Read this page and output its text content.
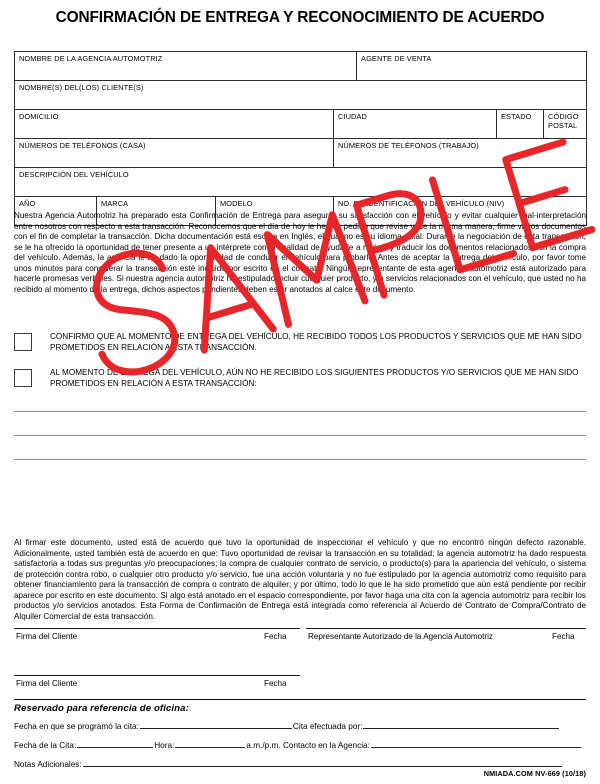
CONFIRMACIÓN DE ENTREGA Y RECONOCIMIENTO DE ACUERDO
NOMBRE DE LA AGENCIA AUTOMOTRIZ				AGENTE DE VENTA		
NOMBRE(S) DEL(LOS) CLIENTE(S)						
DOMICILIO			CIUDAD		ESTADO	CÓDIGO POSTAL
NÚMEROS DE TELÉFONOS (CASA)			NÚMEROS DE TELÉFONOS (TRABAJO)			
DESCRIPCIÓN DEL VEHÍCULO						
AÑO	MARCA	MODELO	NO. DE IDENTIFICACIÓN DEL VEHÍCULO (NIV)			
Nuestra Agencia Automotriz ha preparado esta Confirmación de Entrega para asegurar su satisfacción con el vehículo y evitar cualquier mal-interpretación entre nosotros con respecto a esta transacción. Reconocemos que el día de hoy le hemos pedido que revise y, de la misma manera, firme varios documentos con el fin de completar la transacción. Dicha documentación está escrita en Inglés, el cual no es su idioma natal. Durante la negociación de esta transacción, se le ha ofrecido la oportunidad de tener presente a un intérprete con la finalidad de ayudarle a revisar y traducir los documentos relacionados con la compra del vehículo. Además, la agencia le ha dado la oportunidad de conducir el vehículo para probarlo. Antes de aceptar la entrega del vehículo, por favor tome unos minutos para considerar la transacción esté incluido por escrito en el contrato. Ningún representante de esta agencia automotriz está autorizado para hacerle promesas verbales. Si nuestra agencia automotriz ha estipulado incluir cualquier producto, y/o servicios relacionados con el vehículo, que usted no ha recibido al momento de la entrega, dichos aspectos pendientes deben estar anotados al calce este documento.
CONFIRMO QUE AL MOMENTO DE ENTREGA DEL VEHÍCULO, HE RECIBIDO TODOS LOS PRODUCTOS Y SERVICIOS QUE ME HAN SIDO PROMETIDOS EN RELACIÓN A ESTA TRANSACCIÓN.
AL MOMENTO DE ENTREGA DEL VEHÍCULO, AÚN NO HE RECIBIDO LOS SIGUIENTES PRODUCTOS Y/O SERVICIOS QUE ME HAN SIDO PROMETIDOS EN RELACIÓN A ESTA TRANSACCIÓN:
Al firmar este documento, usted está de acuerdo que tuvo la oportunidad de inspeccionar el vehículo y que no encontró ningún defecto razonable. Adicionalmente, usted también está de acuerdo en que: Tuvo oportunidad de revisar la transacción en su totalidad; la agencia automotriz ha dado respuesta satisfactoria a todas sus preguntas y/o preocupaciones; la compra de cualquier contrato de servicio, o producto(s) para la apariencia del vehículo, o sistema de protección contra robo, o cualquier otro producto y/o servicio, fue una acción voluntaria y no fue estipulado por la agencia automotriz como requisito para obtener financiamiento para la transacción de compra o contrato de alquiler; y por último, todo lo que le ha sido prometido que aún está pendiente por recibir aparece por escrito en este documento. Si algo está anotado en el espacio correspondiente, por favor haga una cita con la agencia automotriz para recibir los productos y/o servicios anotados. Esta Forma de Confirmación de Entrega está integrada como referencia al Acuerdo de Contrato de Compra/Contrato de Alquiler Comercial de esta transacción.
Firma del Cliente	Fecha	Representante Autorizado de la Agencia Automotriz	Fecha
Firma del Cliente	Fecha
Reservado para referencia de oficina:
Fecha en que se programó la cita:	Cita efectuada por:
Fecha de la Cita:	Hora:	a.m./p.m. Contacto en la Agencia:
Notas Adicionales:
NMIADA.COM NV-669 (10/18)
